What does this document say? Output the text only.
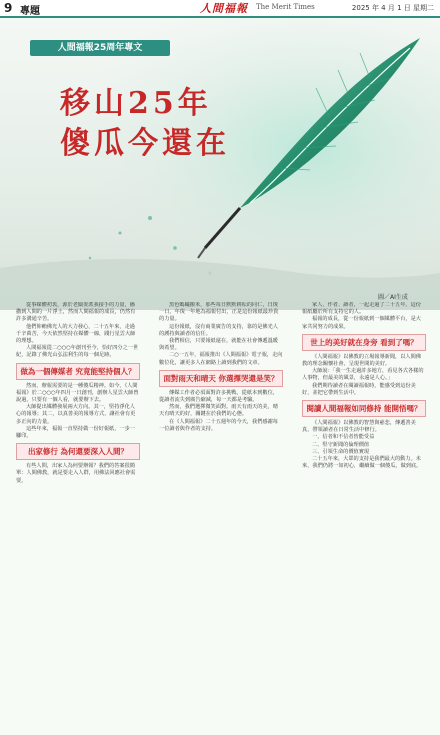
9 專題	人間福報 The Merit Times	2025 年 4 月 1 日 星期二
人間福報25周年專文
移山25年
傻瓜今還在
圖／AI生成

從事媒體初衷，源於老闆委派我接手的力量，播撒到人間的一片淨土，然而人間福報的成長，仍然有許多溝通辛苦。

他們仰賴佛光人的大力發心，二十五年來，走過千辛萬苦，今天依然堅持在媒體一線，踐行星雲大師的理想。

人間福報從二○○○年創刊至今，恰好四分之一世紀，記錄了佛光山弘法利生的每一個足跡。

做為一個傳媒者 究竟能堅持個人？

然而，辦報需要的是一種傻瓜精神。如今，《人間福報》於二○○○年四月一日創刊，創辦人星雲大師曾說過，只要有一個人看，就要辦下去。

大師提出媒體發展兩大方向。其一，堅持淨化人心的報導；其二，以真善美的報導方式，讓社會有更多正向的力量。

這些年來，福報一直堅持做一份好報紙，一步一腳印。

出家修行 為何還要深入人間？

有些人問，出家人為何要辦報？我們的答案很簡單：人間佛教，就是要走入人群，用佛法回應社會需要。

黑色螞蟻搬米，那些每日默默耕耘的同仁，日復一日，年復一年地為福報付出，正是這份報紙最珍貴的力量。

這份報紙，沒有商業廣告的支持，靠的是佛光人的護持與讀者的信任。

我們相信，只要報紙還在，就能在社會傳遞溫暖與希望。

二○一五年，福報推出《人間福報》電子報，走向數位化，讓更多人在網路上讀到我們的文章。

面對雨天和晴天 你選擇哭還是笑？

傳媒工作者必須面對許多挑戰，從紙本到數位，從讀者流失到廣告縮減，每一天都是考驗。

然而，我們選擇微笑面對。雨天有雨天的美，晴天有晴天的好，關鍵在於我們的心態。

在《人間福報》二十五週年的今天，我們感謝每一位讀者與作者的支持。

家人、作者、讀者，一起走過了二十五年。這份報紙屬於所有支持它的人。

福報的成長，從一份報紙到一個媒體平台，是大家共同努力的成果。

世上的美好就在身旁 看到了嗎？

《人間福報》以佛教的立場報導新聞，以人間佛教的理念關懷社會，呈現世間的美好。

大師說：「我一生走過許多地方，看見各式各樣的人事物，但最美的風景，永遠是人心。」

我們期待讀者在閱讀福報時，能感受到這份美好，並把它帶到生活中。

閱讀人間福報如同修持 能開悟嗎？

《人間福報》以佛教的智慧與慈悲，傳遞善美真，帶領讀者在日常生活中修行。

一、信者和不信者皆能受益

二、堅守新聞的倫理價值

三、引領生命的價值實現

二十五年來，大眾的支持是我們最大的動力。未來，我們仍將一如初心，繼續做一個傻瓜，做到底。
